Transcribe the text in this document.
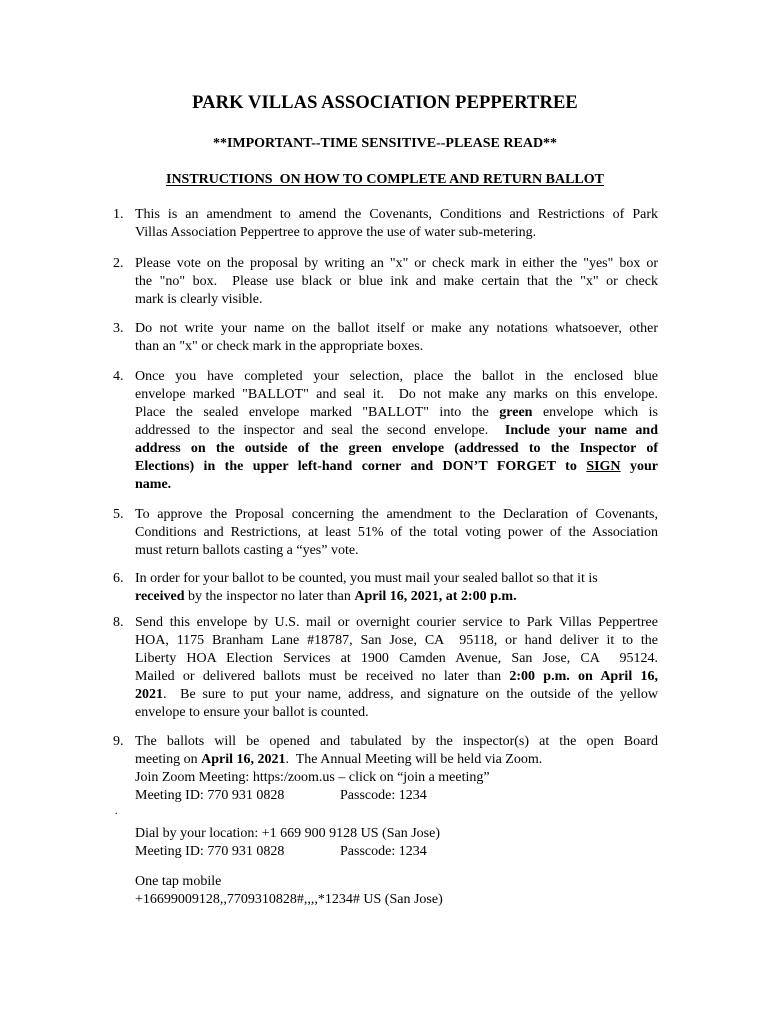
PARK VILLAS ASSOCIATION PEPPERTREE
**IMPORTANT--TIME SENSITIVE--PLEASE READ**
INSTRUCTIONS  ON HOW TO COMPLETE AND RETURN BALLOT
1. This is an amendment to amend the Covenants, Conditions and Restrictions of Park
Villas Association Peppertree to approve the use of water sub-metering.
2. Please vote on the proposal by writing an "x" or check mark in either the "yes" box or
the "no" box.  Please use black or blue ink and make certain that the "x" or check
mark is clearly visible.
3. Do not write your name on the ballot itself or make any notations whatsoever, other
than an "x" or check mark in the appropriate boxes.
4. Once you have completed your selection, place the ballot in the enclosed blue
envelope marked "BALLOT" and seal it.  Do not make any marks on this envelope.
Place the sealed envelope marked "BALLOT" into the green envelope which is
addressed to the inspector and seal the second envelope.  Include your name and
address on the outside of the green envelope (addressed to the Inspector of
Elections) in the upper left-hand corner and DON’T FORGET to SIGN your
name.
5. To approve the Proposal concerning the amendment to the Declaration of Covenants,
Conditions and Restrictions, at least 51% of the total voting power of the Association
must return ballots casting a “yes” vote.
6. In order for your ballot to be counted, you must mail your sealed ballot so that it is
received by the inspector no later than April 16, 2021, at 2:00 p.m.
8. Send this envelope by U.S. mail or overnight courier service to Park Villas Peppertree
HOA, 1175 Branham Lane #18787, San Jose, CA  95118, or hand deliver it to the
Liberty HOA Election Services at 1900 Camden Avenue, San Jose, CA  95124.
Mailed or delivered ballots must be received no later than 2:00 p.m. on April 16,
2021.  Be sure to put your name, address, and signature on the outside of the yellow
envelope to ensure your ballot is counted.
9. The ballots will be opened and tabulated by the inspector(s) at the open Board
meeting on April 16, 2021.  The Annual Meeting will be held via Zoom.
Join Zoom Meeting: https:/zoom.us – click on “join a meeting”
Meeting ID: 770 931 0828	Passcode: 1234
Dial by your location: +1 669 900 9128 US (San Jose)
Meeting ID: 770 931 0828	Passcode: 1234
One tap mobile
+16699009128,,7709310828#,,,,*1234# US (San Jose)
.
